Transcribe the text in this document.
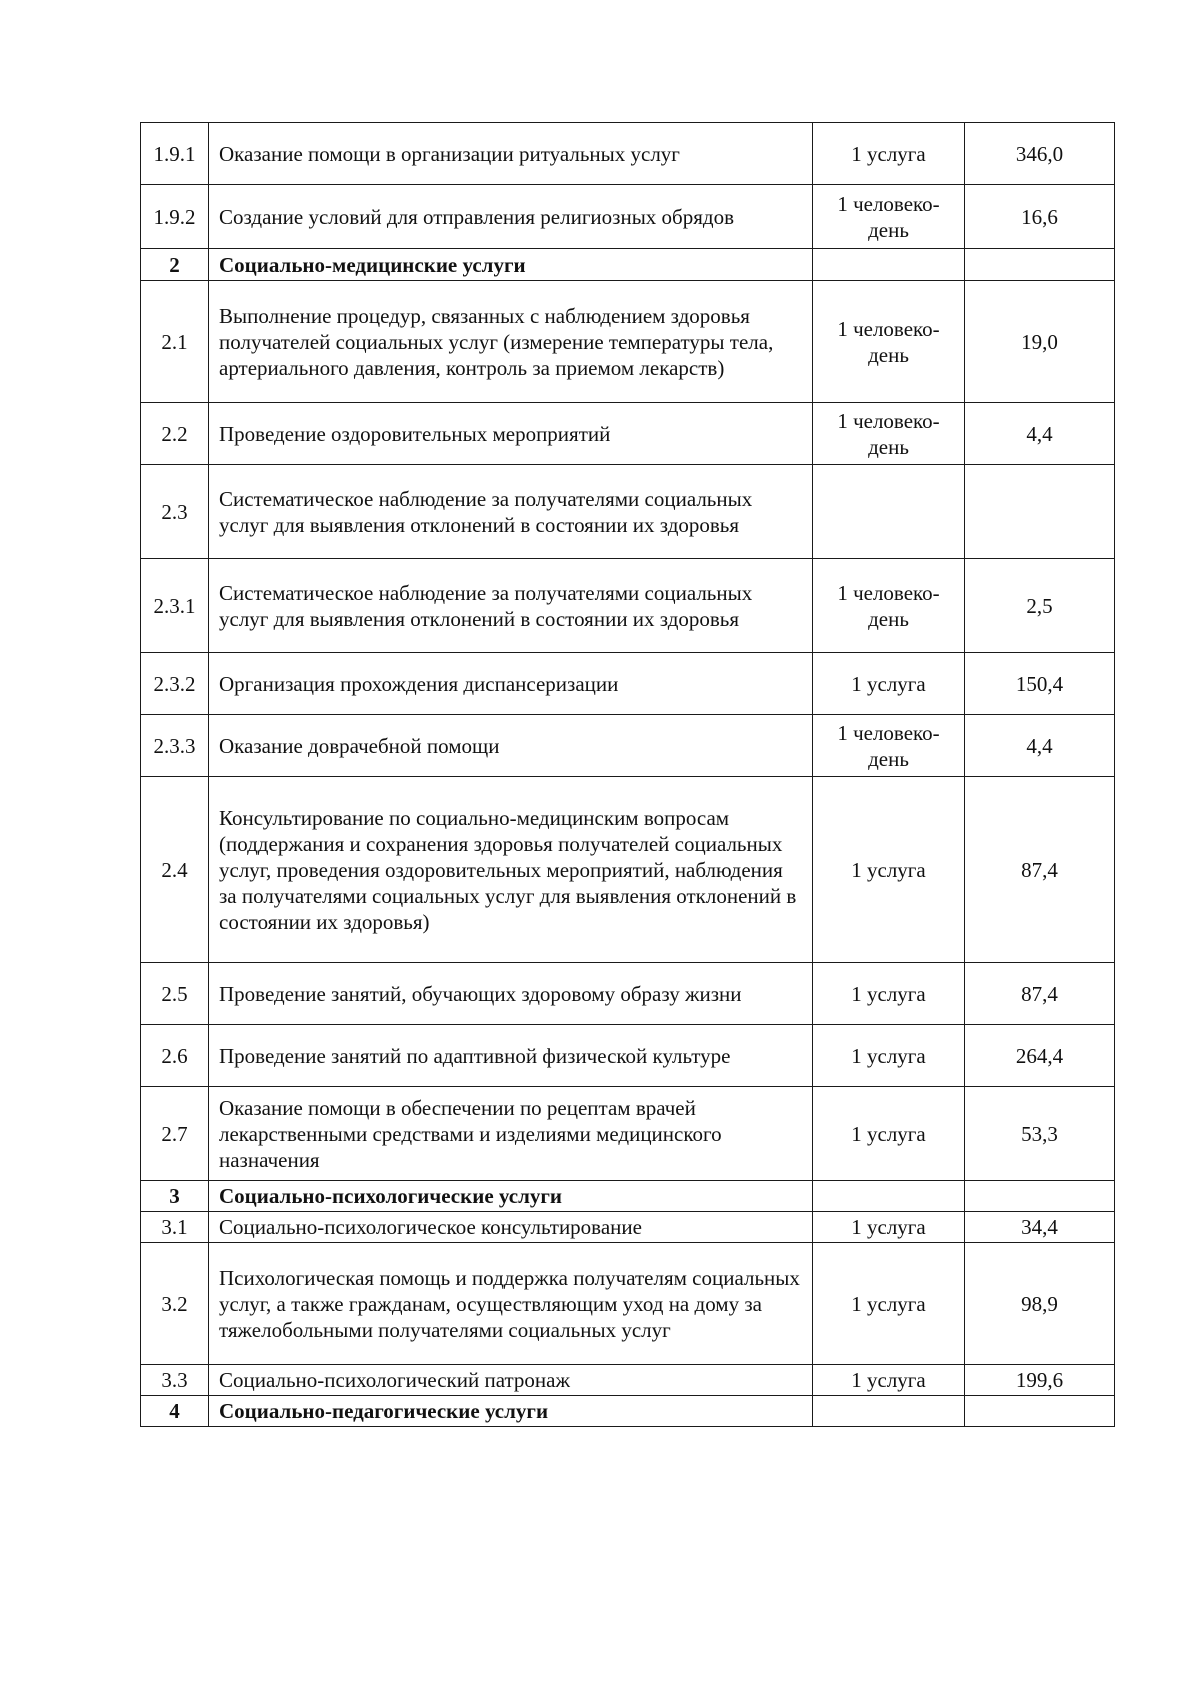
1.9.1	Оказание помощи в организации ритуальных услуг	1 услуга	346,0
1.9.2	Создание условий для отправления религиозных обрядов	1 человеко-день	16,6
2	Социально-медицинские услуги		
2.1	Выполнение процедур, связанных с наблюдением здоровья получателей социальных услуг (измерение температуры тела, артериального давления, контроль за приемом лекарств)	1 человеко-день	19,0
2.2	Проведение оздоровительных мероприятий	1 человеко-день	4,4
2.3	Систематическое наблюдение за получателями социальных услуг для выявления отклонений в состоянии их здоровья		
2.3.1	Систематическое наблюдение за получателями социальных услуг для выявления отклонений в состоянии их здоровья	1 человеко-день	2,5
2.3.2	Организация прохождения диспансеризации	1 услуга	150,4
2.3.3	Оказание доврачебной помощи	1 человеко-день	4,4
2.4	Консультирование по социально-медицинским вопросам (поддержания и сохранения здоровья получателей социальных услуг, проведения оздоровительных мероприятий, наблюдения за получателями социальных услуг для выявления отклонений в состоянии их здоровья)	1 услуга	87,4
2.5	Проведение занятий, обучающих здоровому образу жизни	1 услуга	87,4
2.6	Проведение занятий по адаптивной физической культуре	1 услуга	264,4
2.7	Оказание помощи в обеспечении по рецептам врачей лекарственными средствами и изделиями медицинского назначения	1 услуга	53,3
3	Социально-психологические услуги		
3.1	Социально-психологическое консультирование	1 услуга	34,4
3.2	Психологическая помощь и поддержка получателям социальных услуг, а также гражданам, осуществляющим уход на дому за тяжелобольными получателями социальных услуг	1 услуга	98,9
3.3	Социально-психологический патронаж	1 услуга	199,6
4	Социально-педагогические услуги		
